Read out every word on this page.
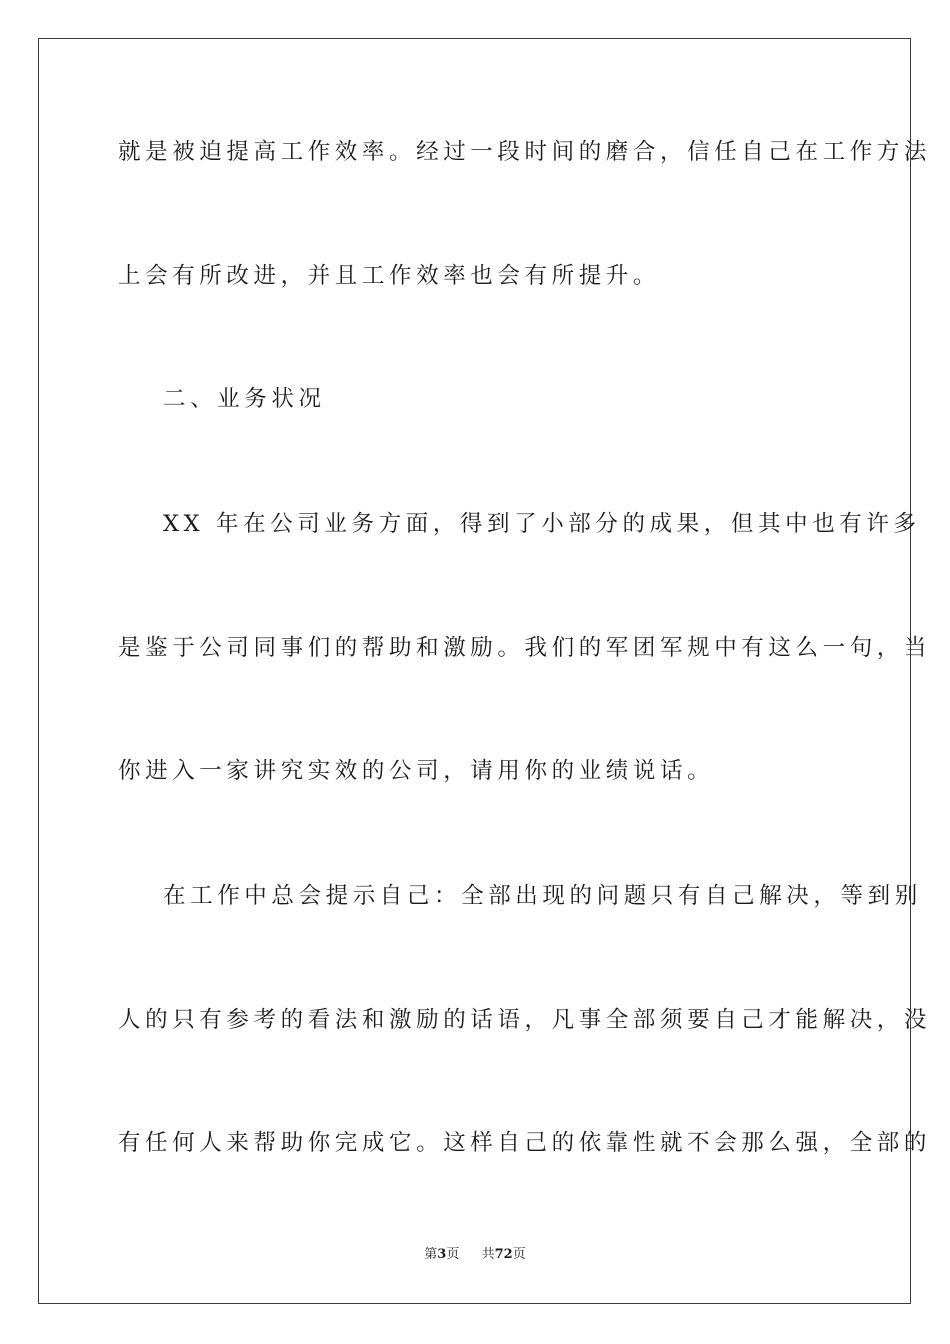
就是被迫提高工作效率。经过一段时间的磨合，信任自己在工作方法
上会有所改进，并且工作效率也会有所提升。
二、业务状况
XX 年在公司业务方面，得到了小部分的成果，但其中也有许多
是鉴于公司同事们的帮助和激励。我们的军团军规中有这么一句，当
你进入一家讲究实效的公司，请用你的业绩说话。
在工作中总会提示自己：全部出现的问题只有自己解决，等到别
人的只有参考的看法和激励的话语，凡事全部须要自己才能解决，没
有任何人来帮助你完成它。这样自己的依靠性就不会那么强，全部的
第3页 共72页
